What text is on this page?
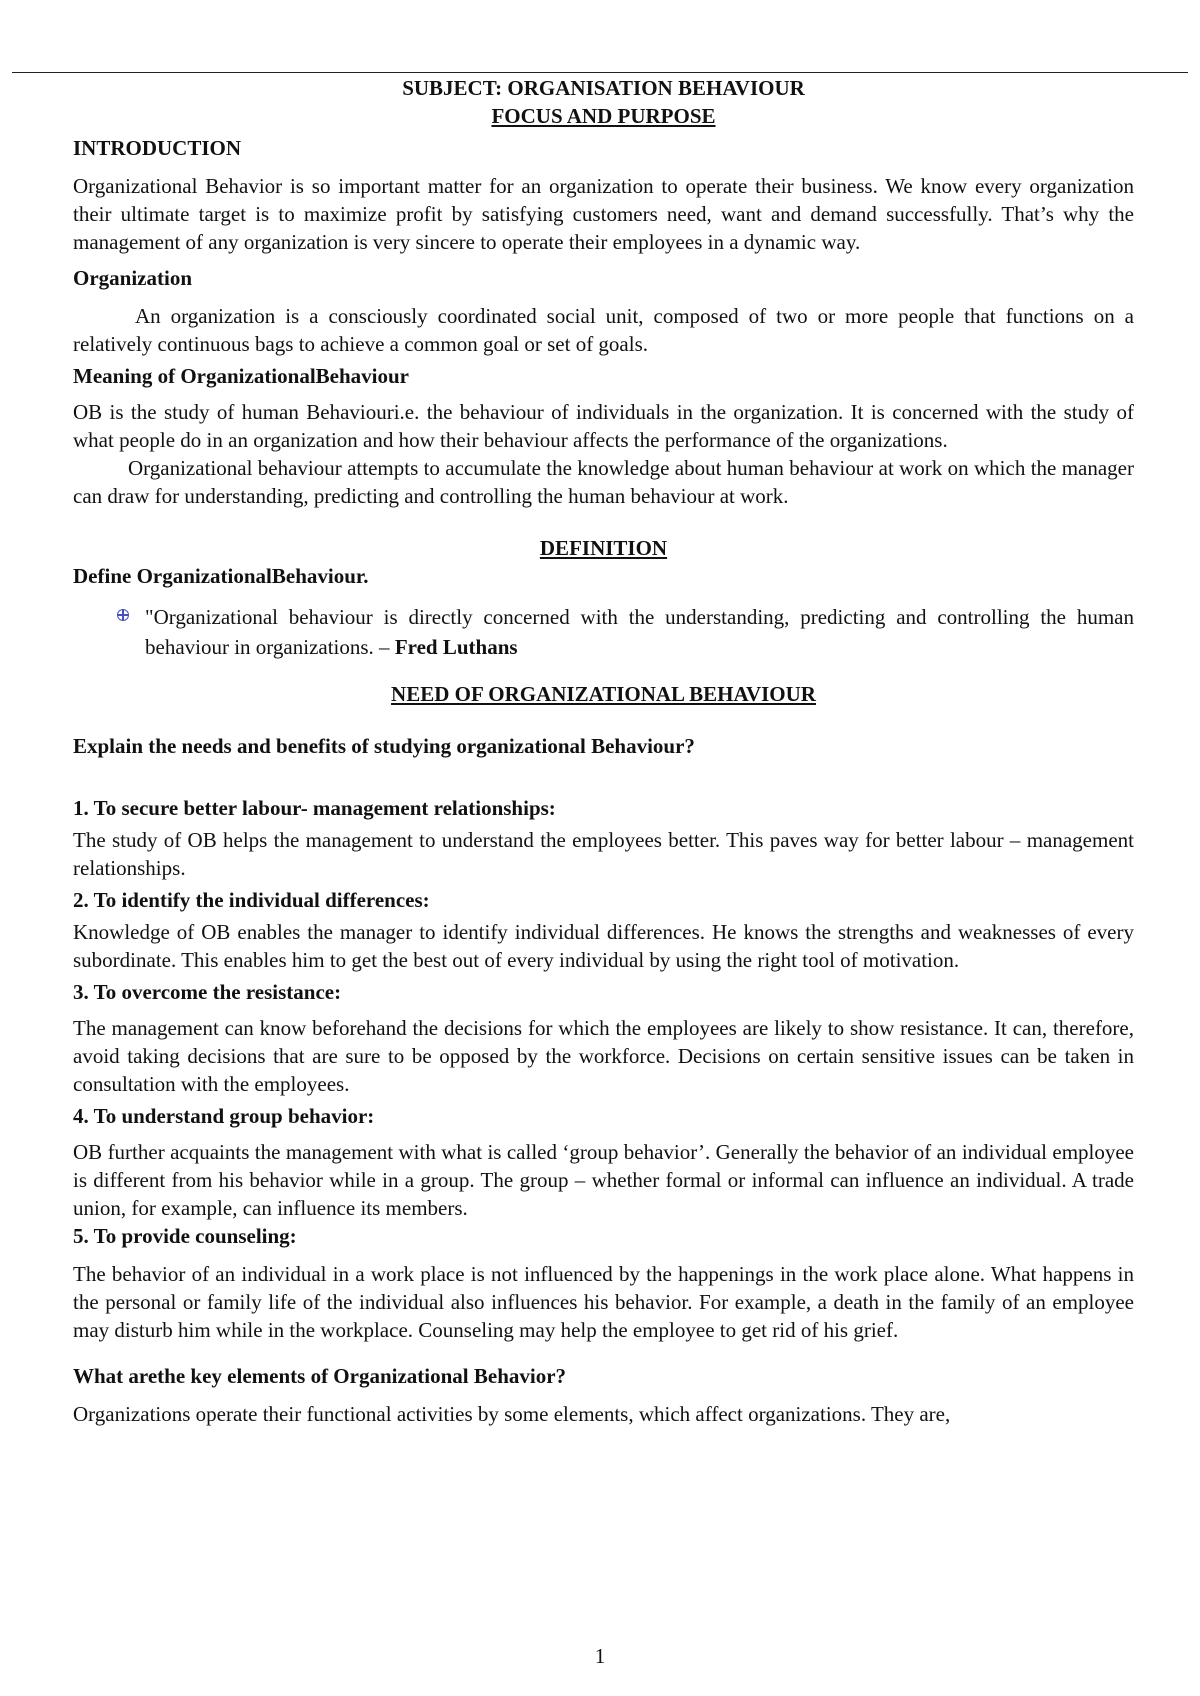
SUBJECT: ORGANISATION BEHAVIOUR
FOCUS AND PURPOSE
INTRODUCTION

Organizational Behavior is so important matter for an organization to operate their business. We know every organization their ultimate target is to maximize profit by satisfying customers need, want and demand successfully. That’s why the management of any organization is very sincere to operate their employees in a dynamic way.

Organization

An organization is a consciously coordinated social unit, composed of two or more people that functions on a relatively continuous bags to achieve a common goal or set of goals.

Meaning of OrganizationalBehaviour

OB is the study of human Behaviouri.e. the behaviour of individuals in the organization. It is concerned with the study of what people do in an organization and how their behaviour affects the performance of the organizations.

Organizational behaviour attempts to accumulate the knowledge about human behaviour at work on which the manager can draw for understanding, predicting and controlling the human behaviour at work.

DEFINITION
Define OrganizationalBehaviour.
"Organizational behaviour is directly concerned with the understanding, predicting and controlling the human behaviour in organizations. – Fred Luthans
NEED OF ORGANIZATIONAL BEHAVIOUR
Explain the needs and benefits of studying organizational Behaviour?
1. To secure better labour- management relationships:

The study of OB helps the management to understand the employees better. This paves way for better labour – management relationships.

2. To identify the individual differences:

Knowledge of OB enables the manager to identify individual differences. He knows the strengths and weaknesses of every subordinate. This enables him to get the best out of every individual by using the right tool of motivation.

3. To overcome the resistance:

The management can know beforehand the decisions for which the employees are likely to show resistance. It can, therefore, avoid taking decisions that are sure to be opposed by the workforce. Decisions on certain sensitive issues can be taken in consultation with the employees.

4. To understand group behavior:

OB further acquaints the management with what is called ‘group behavior’. Generally the behavior of an individual employee is different from his behavior while in a group. The group – whether formal or informal can influence an individual. A trade union, for example, can influence its members.

5. To provide counseling:

The behavior of an individual in a work place is not influenced by the happenings in the work place alone. What happens in the personal or family life of the individual also influences his behavior. For example, a death in the family of an employee may disturb him while in the workplace. Counseling may help the employee to get rid of his grief.

What arethe key elements of Organizational Behavior?

Organizations operate their functional activities by some elements, which affect organizations. They are,

1
